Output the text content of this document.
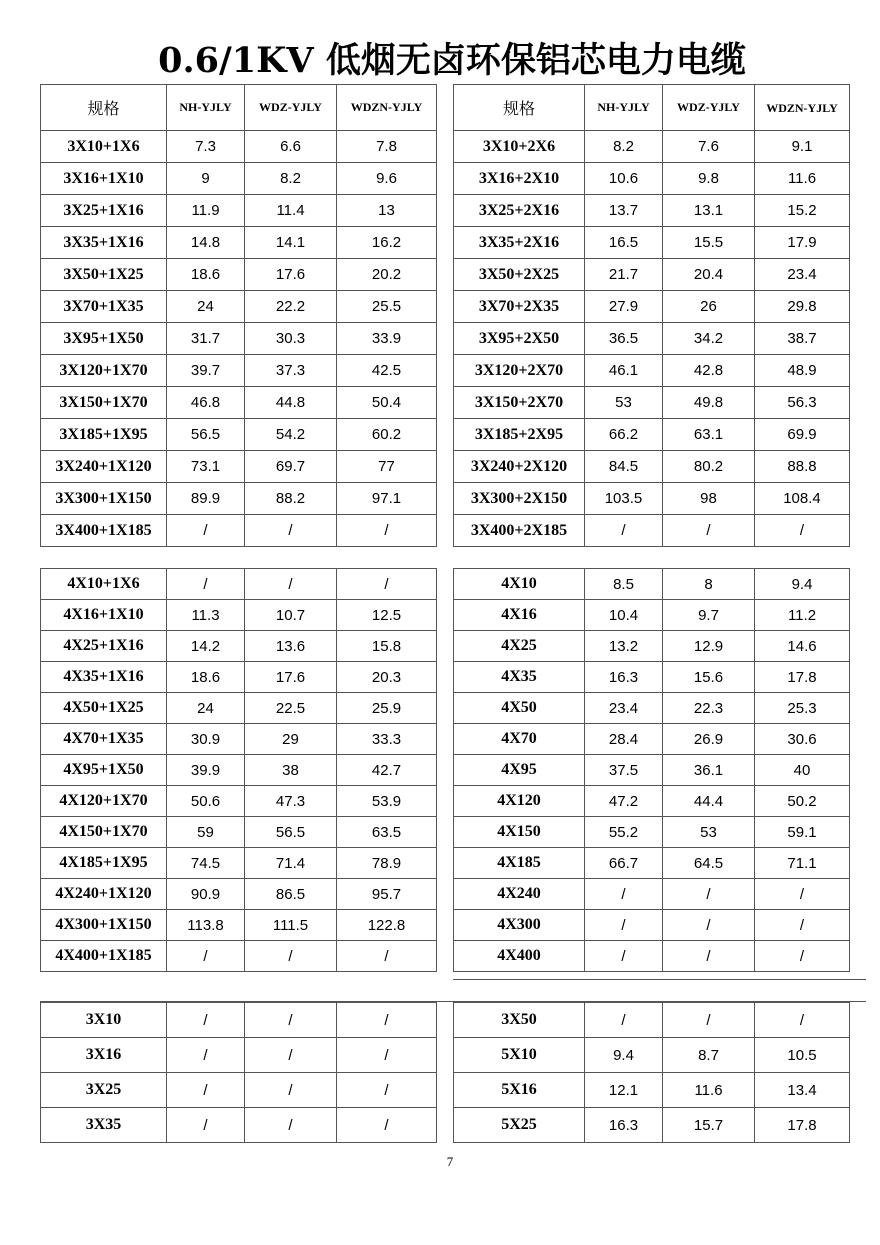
0.6/1KV 低烟无卤环保铝芯电力电缆
规格	NH-YJLY	WDZ-YJLY	WDZN-YJLY	规格	NH-YJLY	WDZ-YJLY	WDZN-YJLY
3X10+1X6	7.3	6.6	7.8
3X16+1X10	9	8.2	9.6
3X25+1X16	11.9	11.4	13
3X35+1X16	14.8	14.1	16.2
3X50+1X25	18.6	17.6	20.2
3X70+1X35	24	22.2	25.5
3X95+1X50	31.7	30.3	33.9
3X120+1X70	39.7	37.3	42.5
3X150+1X70	46.8	44.8	50.4
3X185+1X95	56.5	54.2	60.2
3X240+1X120	73.1	69.7	77
3X300+1X150	89.9	88.2	97.1
3X400+1X185	/	/	/
3X10+2X6	8.2	7.6	9.1
3X16+2X10	10.6	9.8	11.6
3X25+2X16	13.7	13.1	15.2
3X35+2X16	16.5	15.5	17.9
3X50+2X25	21.7	20.4	23.4
3X70+2X35	27.9	26	29.8
3X95+2X50	36.5	34.2	38.7
3X120+2X70	46.1	42.8	48.9
3X150+2X70	53	49.8	56.3
3X185+2X95	66.2	63.1	69.9
3X240+2X120	84.5	80.2	88.8
3X300+2X150	103.5	98	108.4
3X400+2X185	/	/	/
4X10+1X6	/	/	/
4X16+1X10	11.3	10.7	12.5
4X25+1X16	14.2	13.6	15.8
4X35+1X16	18.6	17.6	20.3
4X50+1X25	24	22.5	25.9
4X70+1X35	30.9	29	33.3
4X95+1X50	39.9	38	42.7
4X120+1X70	50.6	47.3	53.9
4X150+1X70	59	56.5	63.5
4X185+1X95	74.5	71.4	78.9
4X240+1X120	90.9	86.5	95.7
4X300+1X150	113.8	111.5	122.8
4X400+1X185	/	/	/
4X10	8.5	8	9.4
4X16	10.4	9.7	11.2
4X25	13.2	12.9	14.6
4X35	16.3	15.6	17.8
4X50	23.4	22.3	25.3
4X70	28.4	26.9	30.6
4X95	37.5	36.1	40
4X120	47.2	44.4	50.2
4X150	55.2	53	59.1
4X185	66.7	64.5	71.1
4X240	/	/	/
4X300	/	/	/
4X400	/	/	/
3X10	/	/	/
3X16	/	/	/
3X25	/	/	/
3X35	/	/	/
3X50	/	/	/
5X10	9.4	8.7	10.5
5X16	12.1	11.6	13.4
5X25	16.3	15.7	17.8
7
